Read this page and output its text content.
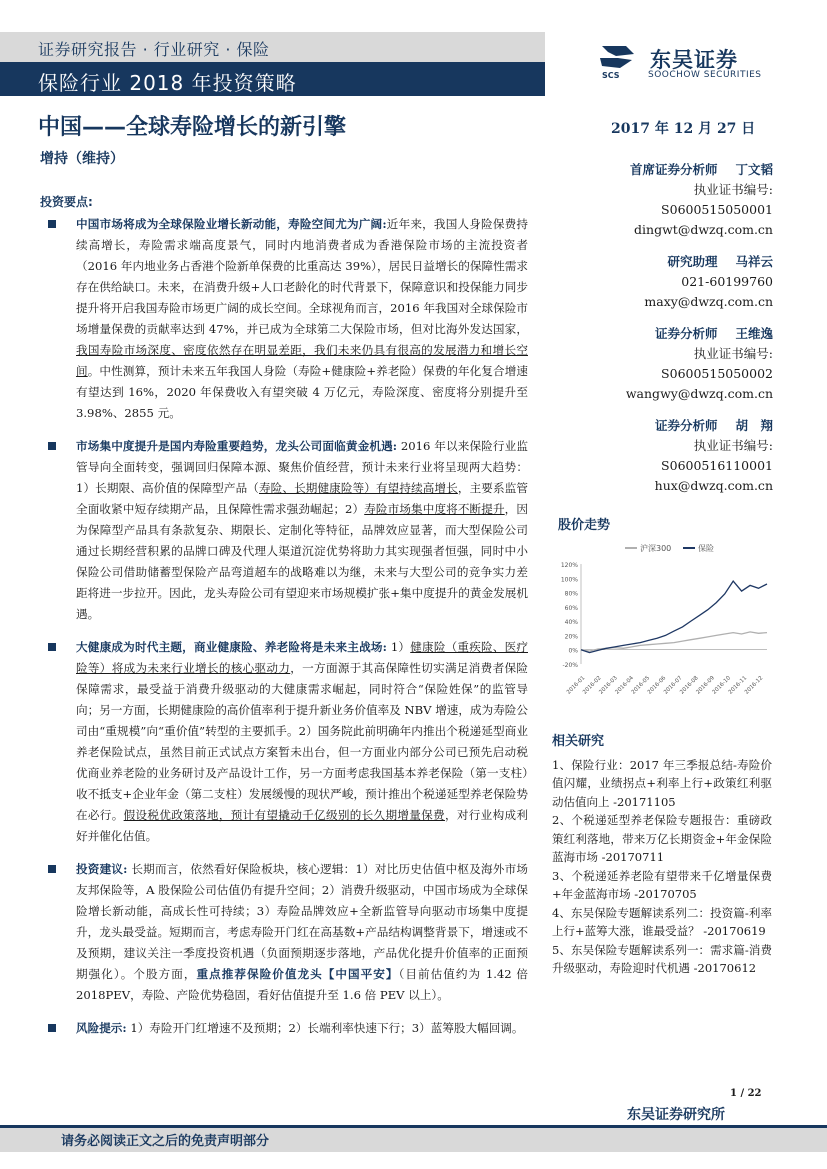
证券研究报告 · 行业研究 · 保险
保险行业 2018 年投资策略	SCS
东吴证券
SOOCHOW SECURITIES
中国——全球寿险增长的新引擎
增持（维持）
2017 年 12 月 27 日
投资要点:
中国市场将成为全球保险业增长新动能，寿险空间尤为广阔:近年来，我国人身险保费持续高增长，寿险需求端高度景气，同时内地消费者成为香港保险市场的主流投资者（2016 年内地业务占香港个险新单保费的比重高达 39%），居民日益增长的保障性需求存在供给缺口。未来，在消费升级+人口老龄化的时代背景下，保障意识和投保能力同步提升将开启我国寿险市场更广阔的成长空间。全球视角而言，2016 年我国对全球保险市场增量保费的贡献率达到 47%，并已成为全球第二大保险市场，但对比海外发达国家，我国寿险市场深度、密度依然存在明显差距，我们未来仍具有很高的发展潜力和增长空间。中性测算，预计未来五年我国人身险（寿险+健康险+养老险）保费的年化复合增速有望达到 16%，2020 年保费收入有望突破 4 万亿元，寿险深度、密度将分别提升至 3.98%、2855 元。
市场集中度提升是国内寿险重要趋势，龙头公司面临黄金机遇: 2016 年以来保险行业监管导向全面转变，强调回归保障本源、聚焦价值经营，预计未来行业将呈现两大趋势：1）长期限、高价值的保障型产品（寿险、长期健康险等）有望持续高增长，主要系监管全面收紧中短存续期产品，且保障性需求强劲崛起；2）寿险市场集中度将不断提升，因为保障型产品具有条款复杂、期限长、定制化等特征，品牌效应显著，而大型保险公司通过长期经营积累的品牌口碑及代理人渠道沉淀优势将助力其实现强者恒强，同时中小保险公司借助储蓄型保险产品弯道超车的战略难以为继，未来与大型公司的竞争实力差距将进一步拉开。因此，龙头寿险公司有望迎来市场规模扩张+集中度提升的黄金发展机遇。
大健康成为时代主题，商业健康险、养老险将是未来主战场: 1）健康险（重疾险、医疗险等）将成为未来行业增长的核心驱动力，一方面源于其高保障性切实满足消费者保险保障需求，最受益于消费升级驱动的大健康需求崛起，同时符合“保险姓保”的监管导向；另一方面，长期健康险的高价值率利于提升新业务价值率及 NBV 增速，成为寿险公司由“重规模”向“重价值”转型的主要抓手。2）国务院此前明确年内推出个税递延型商业养老保险试点，虽然目前正式试点方案暂未出台，但一方面业内部分公司已预先启动税优商业养老险的业务研讨及产品设计工作，另一方面考虑我国基本养老保险（第一支柱）收不抵支+企业年金（第二支柱）发展缓慢的现状严峻，预计推出个税递延型养老保险势在必行。假设税优政策落地，预计有望撬动千亿级别的长久期增量保费，对行业构成利好并催化估值。
投资建议: 长期而言，依然看好保险板块，核心逻辑：1）对比历史估值中枢及海外市场友邦保险等，A 股保险公司估值仍有提升空间；2）消费升级驱动，中国市场成为全球保险增长新动能，高成长性可持续；3）寿险品牌效应+全新监管导向驱动市场集中度提升，龙头最受益。短期而言，考虑寿险开门红在高基数+产品结构调整背景下，增速或不及预期，建议关注一季度投资机遇（负面预期逐步落地，产品优化提升价值率的正面预期强化）。个股方面，重点推荐保险价值龙头【中国平安】（目前估值约为 1.42 倍 2018PEV，寿险、产险优势稳固，看好估值提升至 1.6 倍 PEV 以上）。
风险提示: 1）寿险开门红增速不及预期；2）长端利率快速下行；3）蓝筹股大幅回调。
首席证券分析师 丁文韬
执业证书编号:
S0600515050001
dingwt@dwzq.com.cn
研究助理 马祥云
021-60199760
maxy@dwzq.com.cn
证券分析师 王维逸
执业证书编号:
S0600515050002
wangwy@dwzq.com.cn
证券分析师 胡　翔
执业证书编号:
S0600516110001
hux@dwzq.com.cn
股价走势
沪深300	保险
120%
100%
80%
60%
40%
20%
0%
-20%
2016-01
2016-02
2016-03
2016-04
2016-05
2016-06
2016-07
2016-08
2016-09
2016-10
2016-11
2016-12
相关研究
1、保险行业：2017 年三季报总结-寿险价值闪耀，业绩拐点+利率上行+政策红利驱动估值向上 -20171105
2、个税递延型养老保险专题报告：重磅政策红利落地，带来万亿长期资金+年金保险蓝海市场 -20170711
3、个税递延养老险有望带来千亿增量保费+年金蓝海市场 -20170705
4、东吴保险专题解读系列二：投资篇-利率上行+蓝筹大涨，谁最受益？ -20170619
5、东吴保险专题解读系列一：需求篇-消费升级驱动，寿险迎时代机遇 -20170612
1 / 22
东吴证券研究所
请务必阅读正文之后的免责声明部分
